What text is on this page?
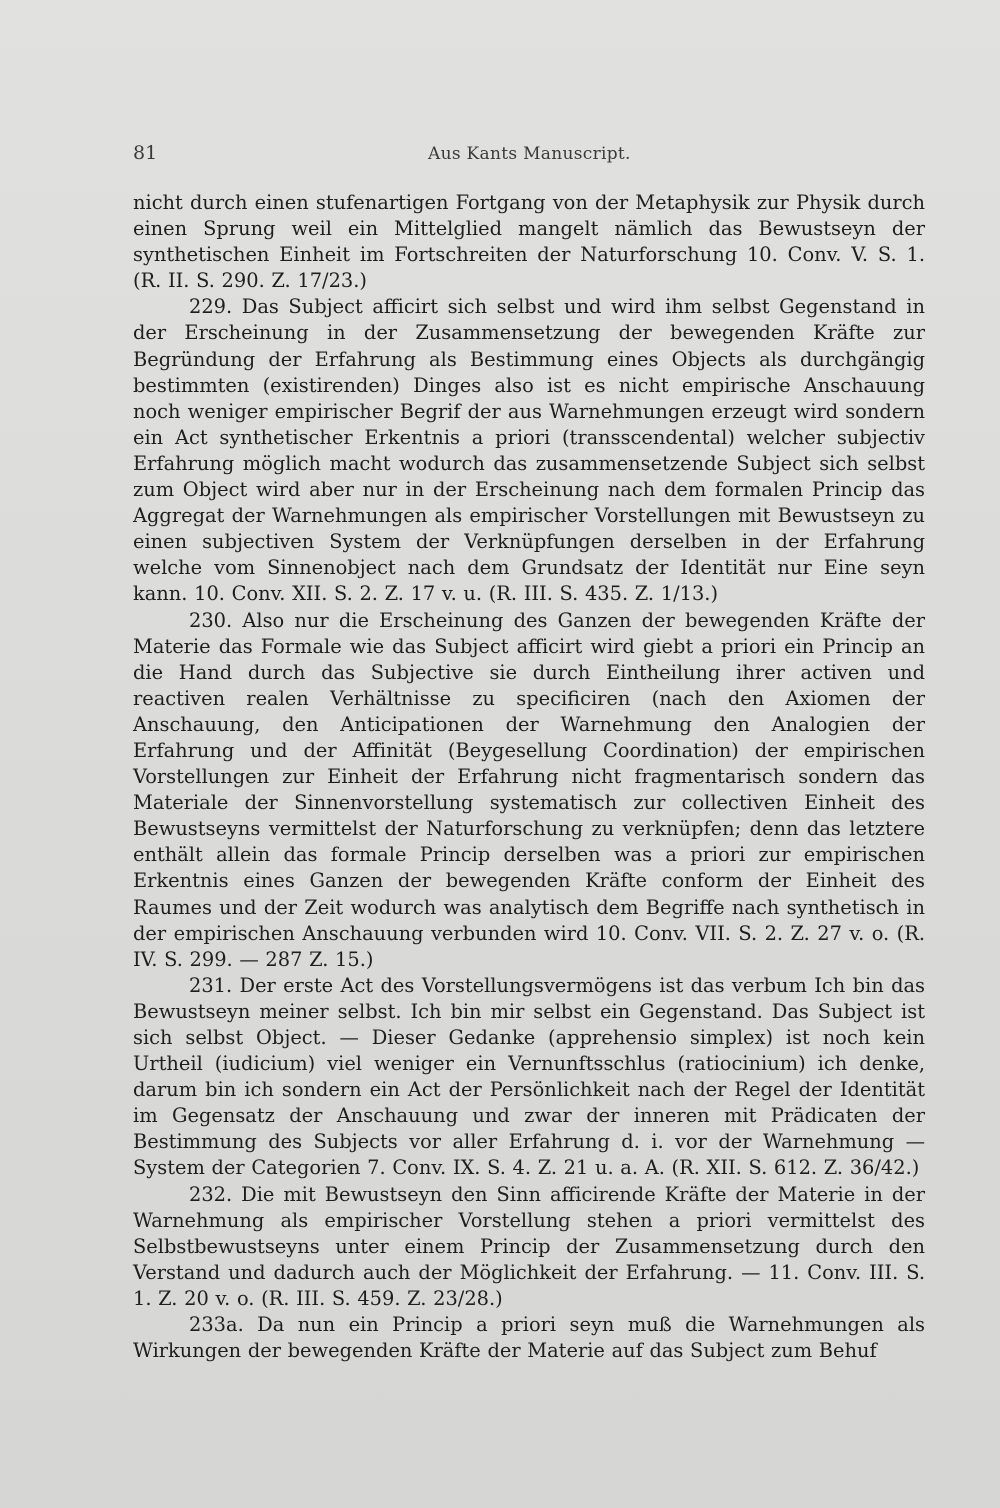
81	Aus Kants Manuscript.

nicht durch einen stufenartigen Fortgang von der Metaphysik zur Physik durch einen Sprung weil ein Mittelglied mangelt nämlich das Bewustseyn der synthetischen Einheit im Fortschreiten der Naturforschung 10. Conv. V. S. 1. (R. II. S. 290. Z. 17/23.)

229. Das Subject afficirt sich selbst und wird ihm selbst Gegenstand in der Erscheinung in der Zusammensetzung der bewegenden Kräfte zur Begründung der Erfahrung als Bestimmung eines Objects als durchgängig bestimmten (existirenden) Dinges also ist es nicht empirische Anschauung noch weniger empirischer Begrif der aus Warnehmungen erzeugt wird sondern ein Act synthetischer Erkentnis a priori (transscendental) welcher subjectiv Erfahrung möglich macht wodurch das zusammensetzende Subject sich selbst zum Object wird aber nur in der Erscheinung nach dem formalen Princip das Aggregat der Warnehmungen als empirischer Vorstellungen mit Bewustseyn zu einen subjectiven System der Verknüpfungen derselben in der Erfahrung welche vom Sinnenobject nach dem Grundsatz der Identität nur Eine seyn kann. 10. Conv. XII. S. 2. Z. 17 v. u. (R. III. S. 435. Z. 1/13.)

230. Also nur die Erscheinung des Ganzen der bewegenden Kräfte der Materie das Formale wie das Subject afficirt wird giebt a priori ein Princip an die Hand durch das Subjective sie durch Eintheilung ihrer activen und reactiven realen Verhältnisse zu specificiren (nach den Axiomen der Anschauung, den Anticipationen der Warnehmung den Analogien der Erfahrung und der Affinität (Beygesellung Coordination) der empirischen Vorstellungen zur Einheit der Erfahrung nicht fragmentarisch sondern das Materiale der Sinnenvorstellung systematisch zur collectiven Einheit des Bewustseyns vermittelst der Naturforschung zu verknüpfen; denn das letztere enthält allein das formale Princip derselben was a priori zur empirischen Erkentnis eines Ganzen der bewegenden Kräfte conform der Einheit des Raumes und der Zeit wodurch was analytisch dem Begriffe nach synthetisch in der empirischen Anschauung verbunden wird 10. Conv. VII. S. 2. Z. 27 v. o. (R. IV. S. 299. — 287 Z. 15.)

231. Der erste Act des Vorstellungsvermögens ist das verbum Ich bin das Bewustseyn meiner selbst. Ich bin mir selbst ein Gegenstand. Das Subject ist sich selbst Object. — Dieser Gedanke (apprehensio simplex) ist noch kein Urtheil (iudicium) viel weniger ein Vernunftsschlus (ratiocinium) ich denke, darum bin ich sondern ein Act der Persönlichkeit nach der Regel der Identität im Gegensatz der Anschauung und zwar der inneren mit Prädicaten der Bestimmung des Subjects vor aller Erfahrung d. i. vor der Warnehmung — System der Categorien 7. Conv. IX. S. 4. Z. 21 u. a. A. (R. XII. S. 612. Z. 36/42.)

232. Die mit Bewustseyn den Sinn afficirende Kräfte der Materie in der Warnehmung als empirischer Vorstellung stehen a priori vermittelst des Selbstbewustseyns unter einem Princip der Zusammensetzung durch den Verstand und dadurch auch der Möglichkeit der Erfahrung. — 11. Conv. III. S. 1. Z. 20 v. o. (R. III. S. 459. Z. 23/28.)

233a. Da nun ein Princip a priori seyn muß die Warnehmungen als Wirkungen der bewegenden Kräfte der Materie auf das Subject zum Behuf
